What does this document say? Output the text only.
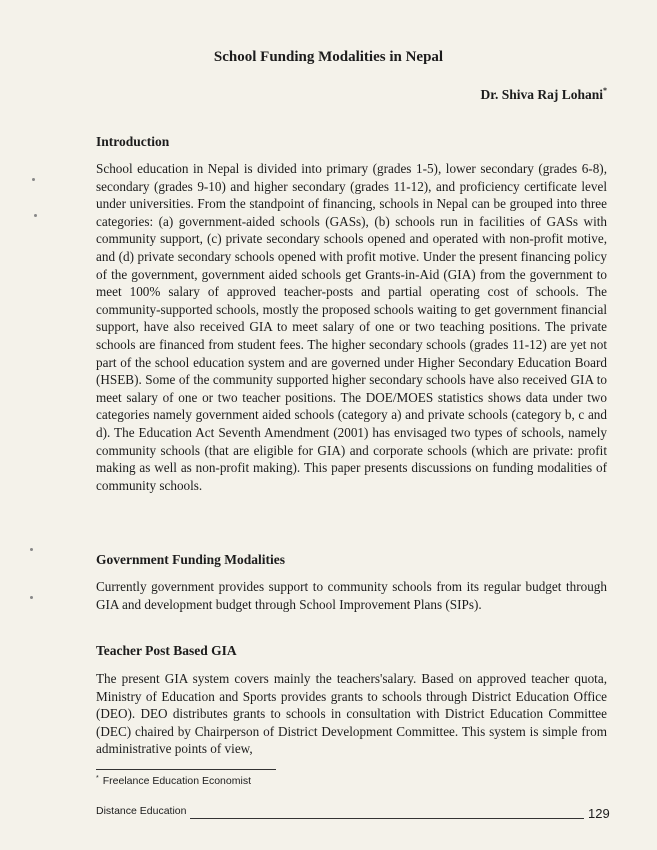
School Funding Modalities in Nepal
Dr. Shiva Raj Lohani*
Introduction
School education in Nepal is divided into primary (grades 1-5), lower secondary (grades 6-8), secondary (grades 9-10) and higher secondary (grades 11-12), and proficiency certificate level under universities. From the standpoint of financing, schools in Nepal can be grouped into three categories: (a) government-aided schools (GASs), (b) schools run in facilities of GASs with community support, (c) private secondary schools opened and operated with non-profit motive, and (d) private secondary schools opened with profit motive. Under the present financing policy of the government, government aided schools get Grants-in-Aid (GIA) from the government to meet 100% salary of approved teacher-posts and partial operating cost of schools. The community-supported schools, mostly the proposed schools waiting to get government financial support, have also received GIA to meet salary of one or two teaching positions. The private schools are financed from student fees. The higher secondary schools (grades 11-12) are yet not part of the school education system and are governed under Higher Secondary Education Board (HSEB). Some of the community supported higher secondary schools have also received GIA to meet salary of one or two teacher positions. The DOE/MOES statistics shows data under two categories namely government aided schools (category a) and private schools (category b, c and d). The Education Act Seventh Amendment (2001) has envisaged two types of schools, namely community schools (that are eligible for GIA) and corporate schools (which are private: profit making as well as non-profit making). This paper presents discussions on funding modalities of community schools.
Government Funding Modalities
Currently government provides support to community schools from its regular budget through GIA and development budget through School Improvement Plans (SIPs).
Teacher Post Based GIA
The present GIA system covers mainly the teachers'salary. Based on approved teacher quota, Ministry of Education and Sports provides grants to schools through District Education Office (DEO). DEO distributes grants to schools in consultation with District Education Committee (DEC) chaired by Chairperson of District Development Committee. This system is simple from administrative points of view,
* Freelance Education Economist
Distance Education	129
